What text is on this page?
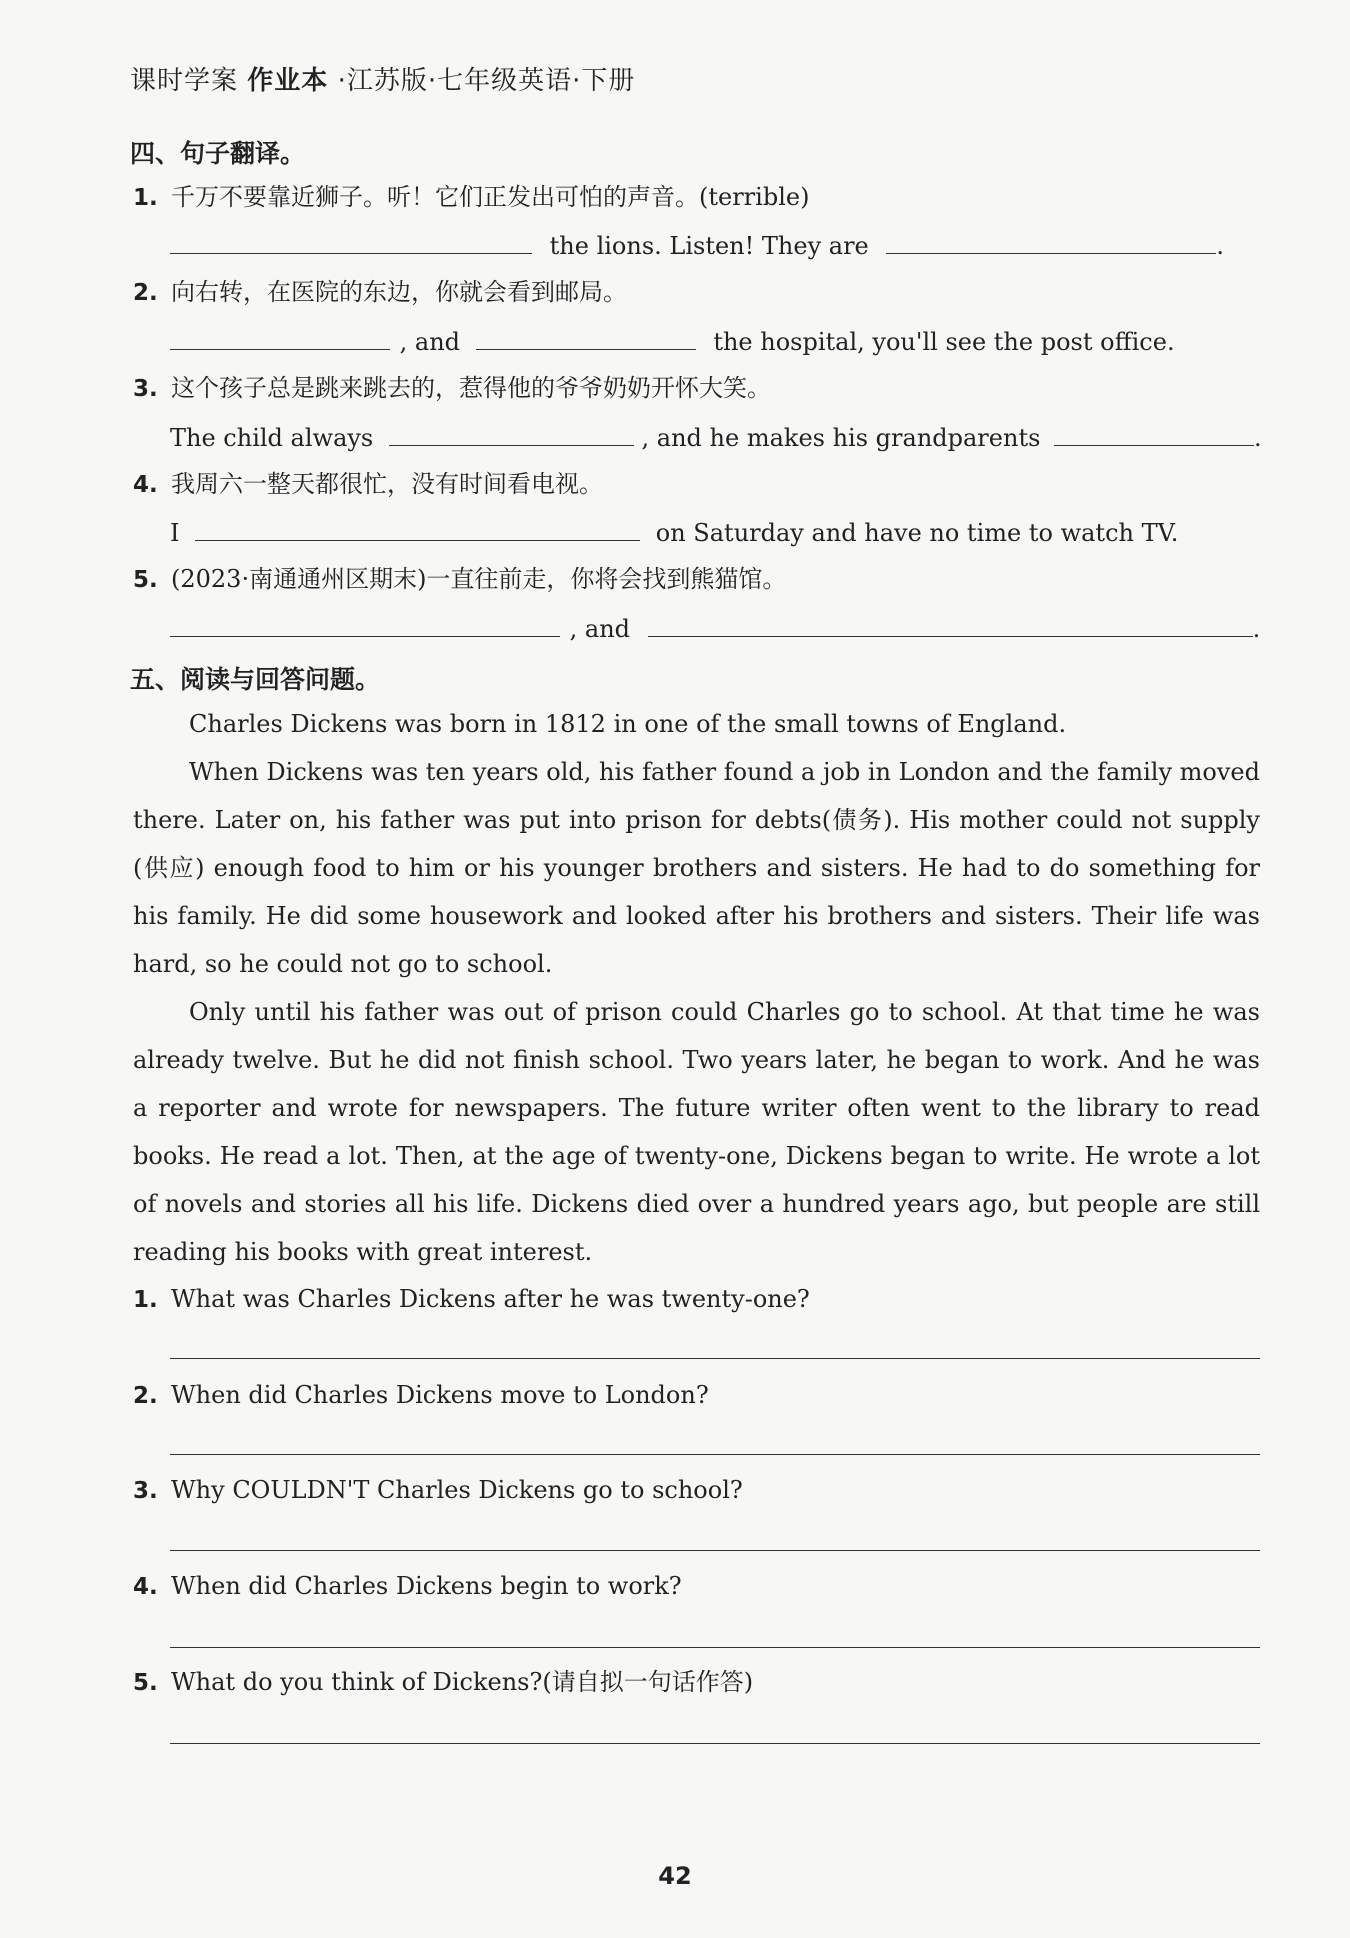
课时学案 作业本 ·江苏版·七年级英语·下册
四、句子翻译。
1. 千万不要靠近狮子。听！它们正发出可怕的声音。(terrible)
the lions. Listen! They are	.
2. 向右转，在医院的东边，你就会看到邮局。
, and	the hospital, you'll see the post office.
3. 这个孩子总是跳来跳去的，惹得他的爷爷奶奶开怀大笑。
The child always	, and he makes his grandparents	.
4. 我周六一整天都很忙，没有时间看电视。
I	on Saturday and have no time to watch TV.
5. (2023·南通通州区期末)一直往前走，你将会找到熊猫馆。
, and	.
五、阅读与回答问题。
Charles Dickens was born in 1812 in one of the small towns of England.
When Dickens was ten years old, his father found a job in London and the family moved there. Later on, his father was put into prison for debts(债务). His mother could not supply (供应) enough food to him or his younger brothers and sisters. He had to do something for his family. He did some housework and looked after his brothers and sisters. Their life was hard, so he could not go to school.
Only until his father was out of prison could Charles go to school. At that time he was already twelve. But he did not finish school. Two years later, he began to work. And he was a reporter and wrote for newspapers. The future writer often went to the library to read books. He read a lot. Then, at the age of twenty-one, Dickens began to write. He wrote a lot of novels and stories all his life. Dickens died over a hundred years ago, but people are still reading his books with great interest.
1. What was Charles Dickens after he was twenty-one?
2. When did Charles Dickens move to London?
3. Why COULDN'T Charles Dickens go to school?
4. When did Charles Dickens begin to work?
5. What do you think of Dickens?(请自拟一句话作答)
42
